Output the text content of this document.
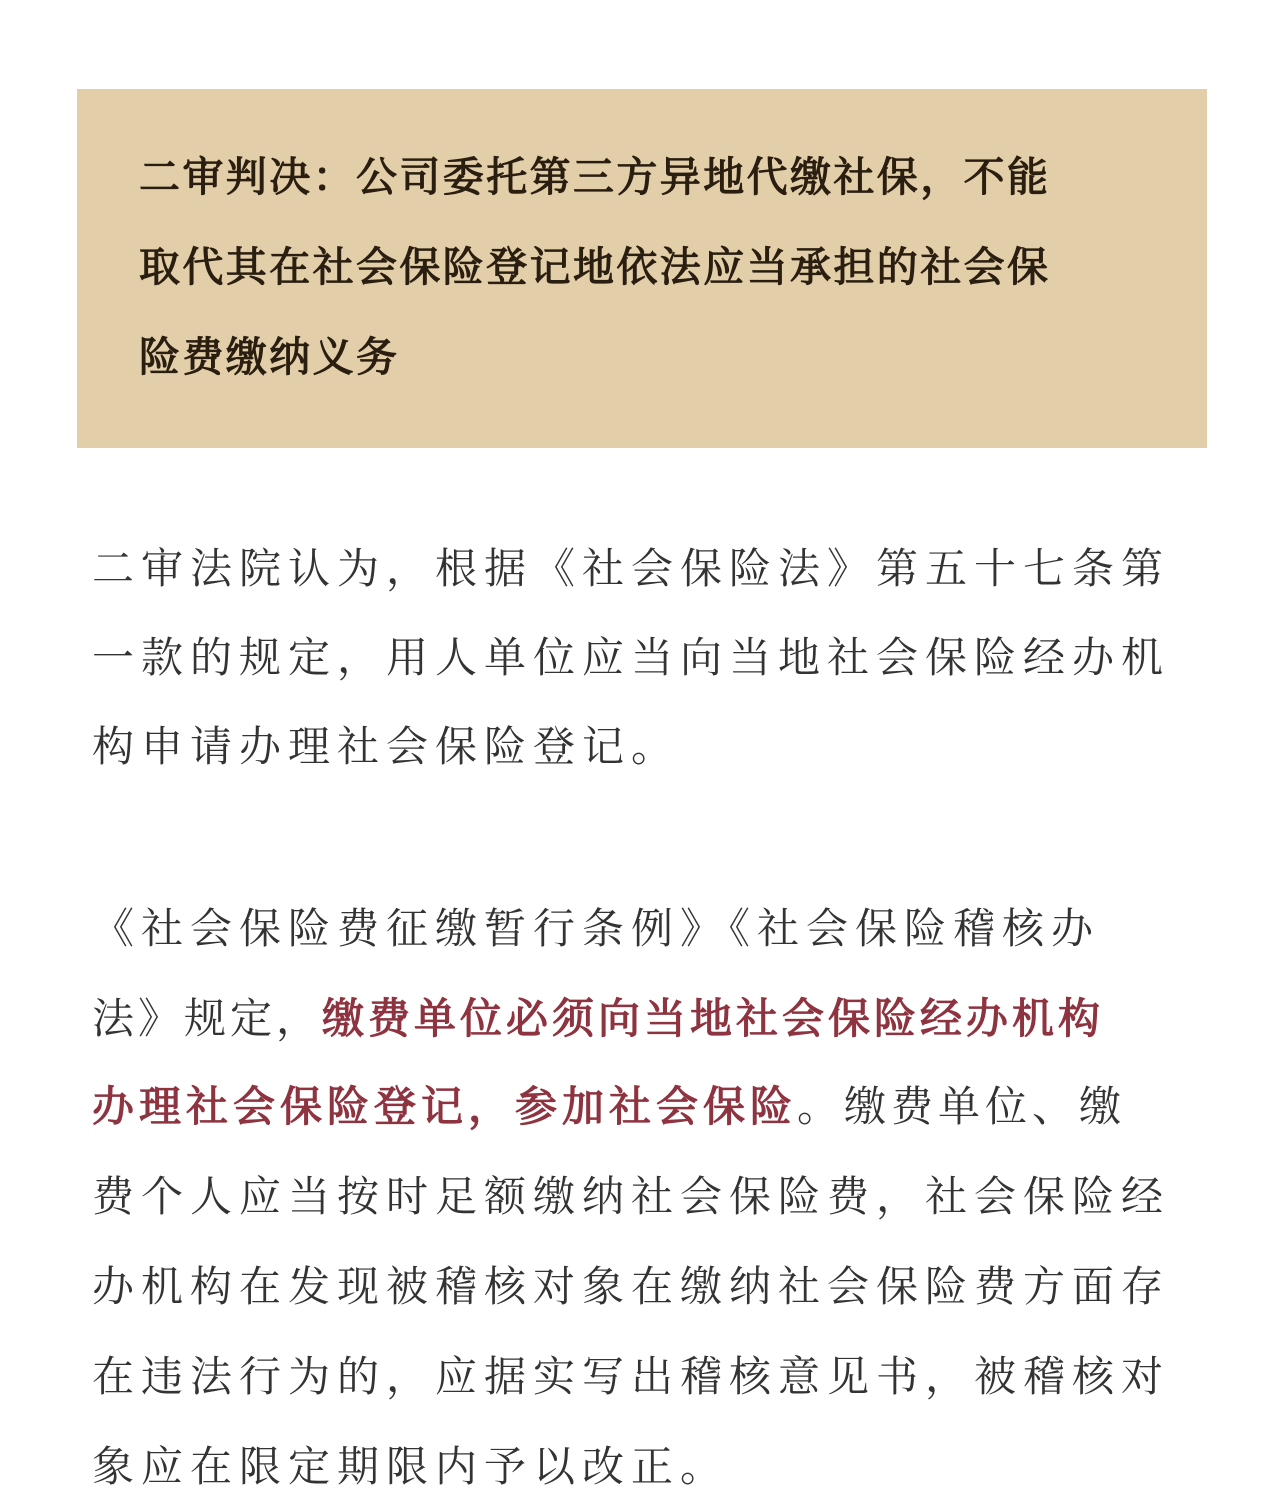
二审判决：公司委托第三方异地代缴社保，不能
取代其在社会保险登记地依法应当承担的社会保
险费缴纳义务
二审法院认为，根据《社会保险法》第五十七条第
一款的规定，用人单位应当向当地社会保险经办机
构申请办理社会保险登记。
《社会保险费征缴暂行条例》《社会保险稽核办
法》规定，缴费单位必须向当地社会保险经办机构
办理社会保险登记，参加社会保险。缴费单位、缴
费个人应当按时足额缴纳社会保险费，社会保险经
办机构在发现被稽核对象在缴纳社会保险费方面存
在违法行为的，应据实写出稽核意见书，被稽核对
象应在限定期限内予以改正。
